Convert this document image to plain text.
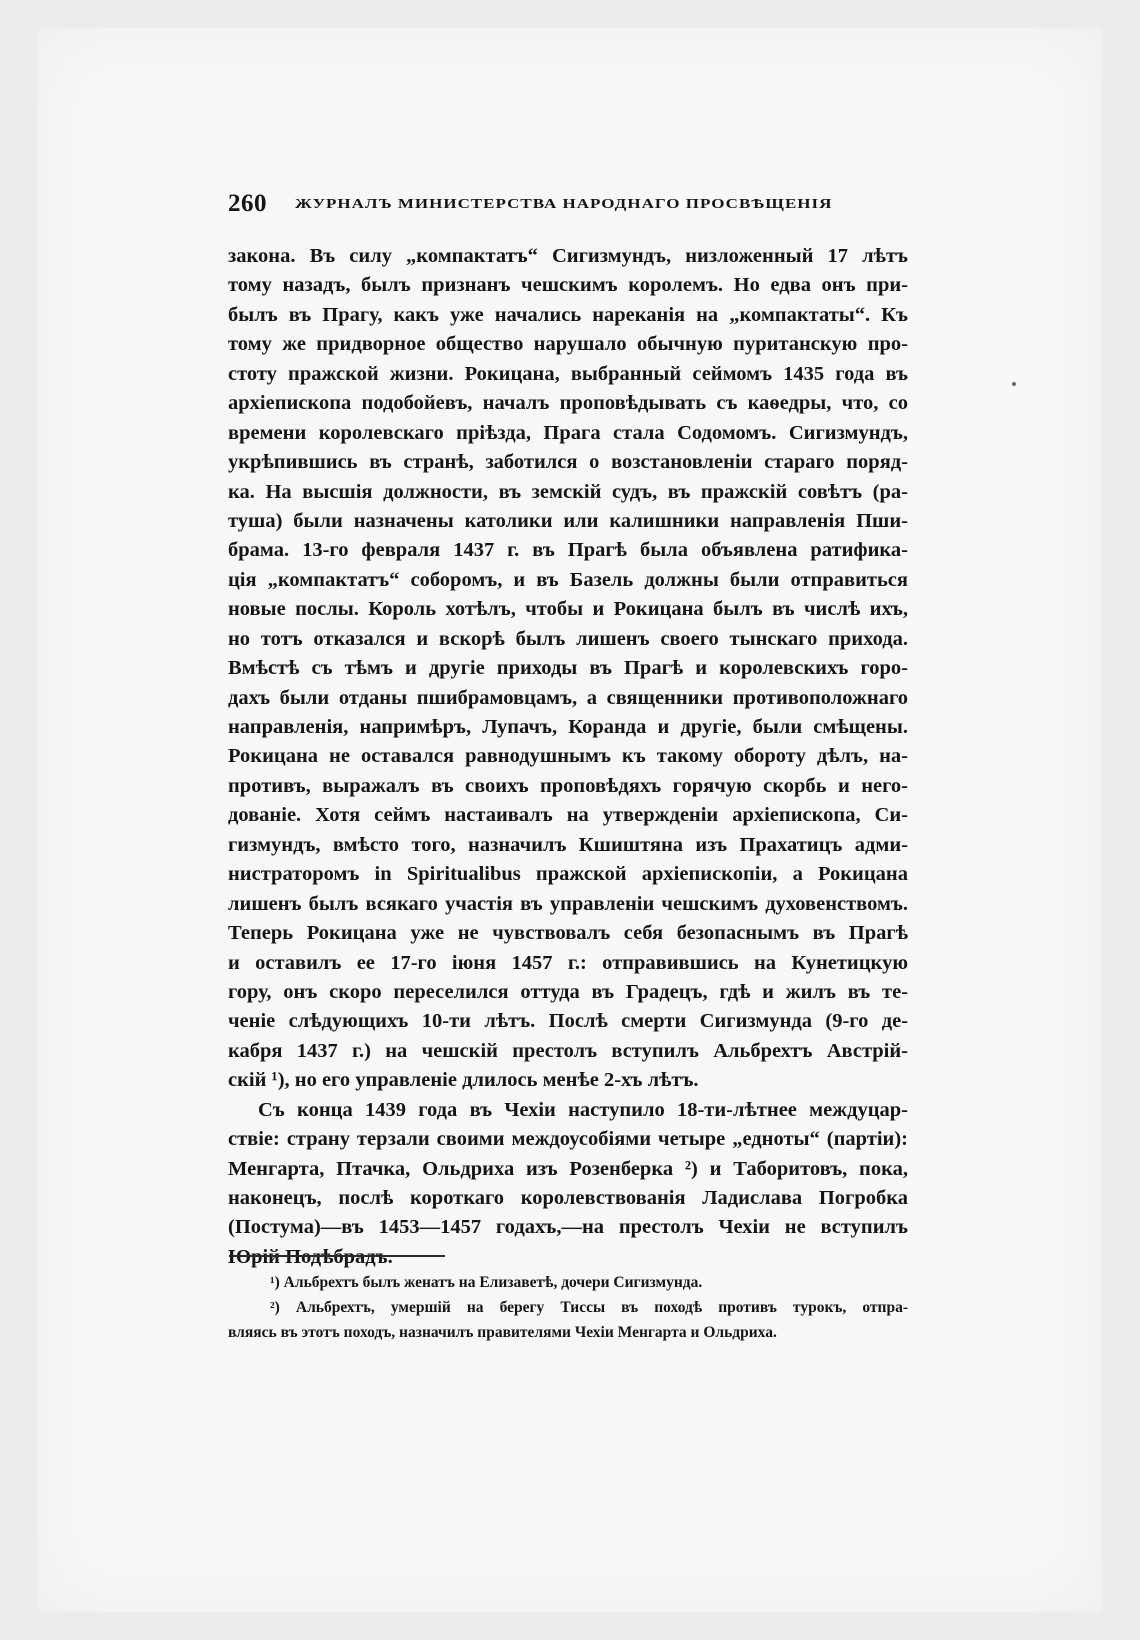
260 ЖУРНАЛЪ МИНИСТЕРСТВА НАРОДНАГО ПРОСВѢЩЕНІЯ
закона. Въ силу „компактатъ“ Сигизмундъ, низложенный 17 лѣтъ
тому назадъ, былъ признанъ чешскимъ королемъ. Но едва онъ при-
былъ въ Прагу, какъ уже начались нареканія на „компактаты“. Къ
тому же придворное общество нарушало обычную пуританскую про-
стоту пражской жизни. Рокицана, выбранный сеймомъ 1435 года въ
архіепископа подобойевъ, началъ проповѣдывать съ каѳедры, что, со
времени королевскаго пріѣзда, Прага стала Содомомъ. Сигизмундъ,
укрѣпившись въ странѣ, заботился о возстановленіи стараго поряд-
ка. На высшія должности, въ земскій судъ, въ пражскій совѣтъ (ра-
туша) были назначены католики или калишники направленія Пши-
брама. 13-го февраля 1437 г. въ Прагѣ была объявлена ратифика-
ція „компактатъ“ соборомъ, и въ Базель должны были отправиться
новые послы. Король хотѣлъ, чтобы и Рокицана былъ въ числѣ ихъ,
но тотъ отказался и вскорѣ былъ лишенъ своего тынскаго прихода.
Вмѣстѣ съ тѣмъ и другіе приходы въ Прагѣ и королевскихъ горо-
дахъ были отданы пшибрамовцамъ, а священники противоположнаго
направленія, напримѣръ, Лупачъ, Коранда и другіе, были смѣщены.
Рокицана не оставался равнодушнымъ къ такому обороту дѣлъ, на-
противъ, выражалъ въ своихъ проповѣдяхъ горячую скорбь и него-
дованіе. Хотя сеймъ настаивалъ на утвержденіи архіепископа, Си-
гизмундъ, вмѣсто того, назначилъ Кшиштяна изъ Прахатицъ адми-
нистраторомъ in Spiritualibus пражской архіепископіи, а Рокицана
лишенъ былъ всякаго участія въ управленіи чешскимъ духовенствомъ.
Теперь Рокицана уже не чувствовалъ себя безопаснымъ въ Прагѣ
и оставилъ ее 17-го іюня 1457 г.: отправившись на Кунетицкую
гору, онъ скоро переселился оттуда въ Градецъ, гдѣ и жилъ въ те-
ченіе слѣдующихъ 10-ти лѣтъ. Послѣ смерти Сигизмунда (9-го де-
кабря 1437 г.) на чешскій престолъ вступилъ Альбрехтъ Австрій-
скій ¹), но его управленіе длилось менѣе 2-хъ лѣтъ.
Съ конца 1439 года въ Чехіи наступило 18-ти-лѣтнее междуцар-
ствіе: страну терзали своими междоусобіями четыре „едноты“ (партіи):
Менгарта, Птачка, Ольдриха изъ Розенберка ²) и Таборитовъ, пока,
наконецъ, послѣ короткаго королевствованія Ладислава Погробка
(Постума)—въ 1453—1457 годахъ,—на престолъ Чехіи не вступилъ
¹) Альбрехтъ былъ женатъ на Елизаветѣ, дочери Сигизмунда.
²) Альбрехтъ, умершій на берегу Тисcы въ походѣ противъ турокъ, отпра-
вляясь въ этотъ походъ, назначилъ правителями Чехіи Менгарта и Ольдриха.
